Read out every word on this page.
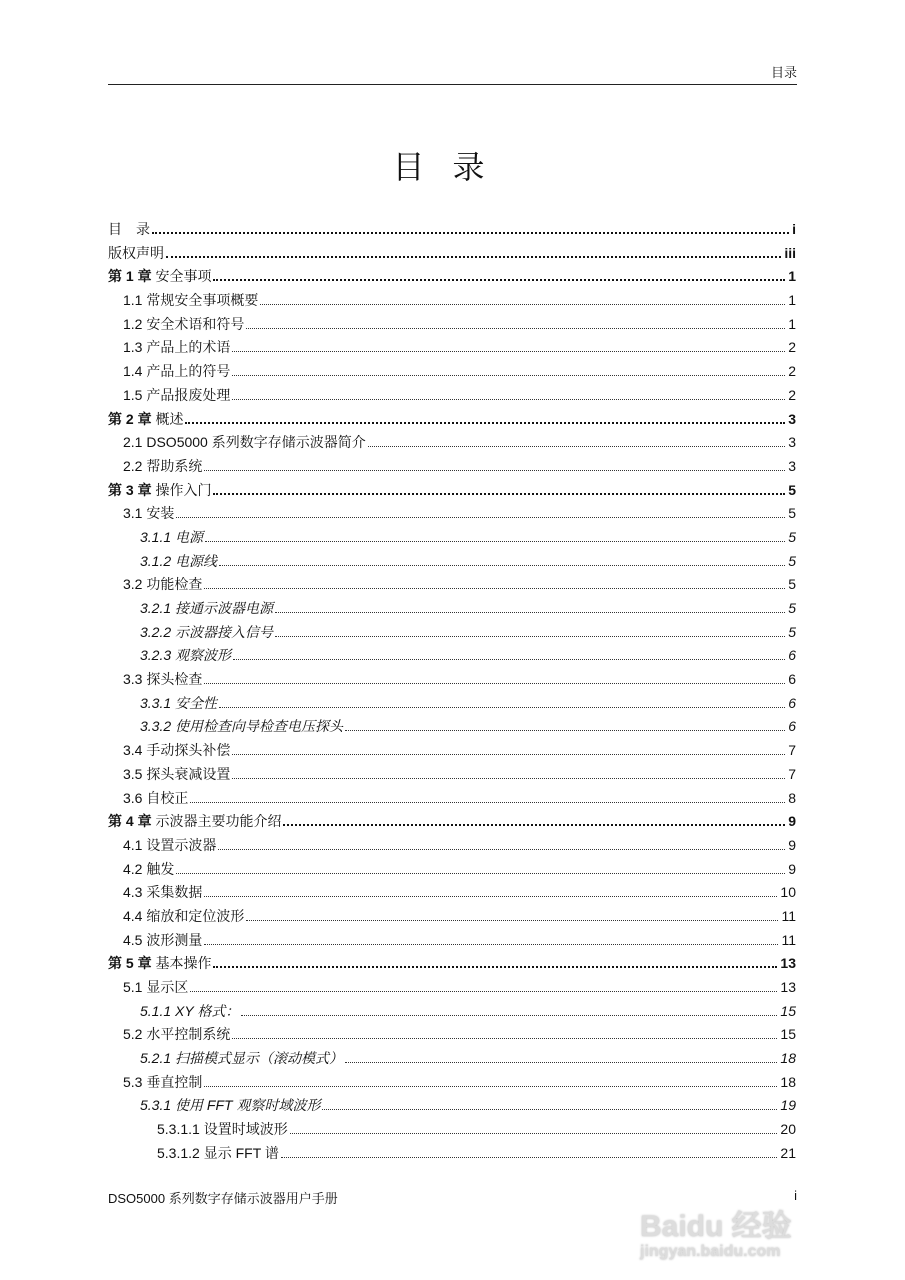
目录
目录
目　录	i
版权声明	iii
第 1 章 安全事项	1
1.1 常规安全事项概要	1
1.2 安全术语和符号	1
1.3 产品上的术语	2
1.4 产品上的符号	2
1.5 产品报废处理	2
第 2 章 概述	3
2.1 DSO5000 系列数字存储示波器简介	3
2.2 帮助系统	3
第 3 章 操作入门	5
3.1 安装	5
3.1.1 电源	5
3.1.2 电源线	5
3.2 功能检查	5
3.2.1 接通示波器电源	5
3.2.2 示波器接入信号	5
3.2.3 观察波形	6
3.3 探头检查	6
3.3.1 安全性	6
3.3.2 使用检查向导检查电压探头	6
3.4 手动探头补偿	7
3.5 探头衰减设置	7
3.6 自校正	8
第 4 章 示波器主要功能介绍	9
4.1 设置示波器	9
4.2 触发	9
4.3 采集数据	10
4.4 缩放和定位波形	11
4.5 波形测量	11
第 5 章 基本操作	13
5.1 显示区	13
5.1.1 XY 格式：	15
5.2 水平控制系统	15
5.2.1 扫描模式显示（滚动模式）	18
5.3 垂直控制	18
5.3.1 使用 FFT 观察时域波形	19
5.3.1.1 设置时域波形	20
5.3.1.2 显示 FFT 谱	21
DSO5000 系列数字存储示波器用户手册	i
Baidu 经验
jingyan.baidu.com
